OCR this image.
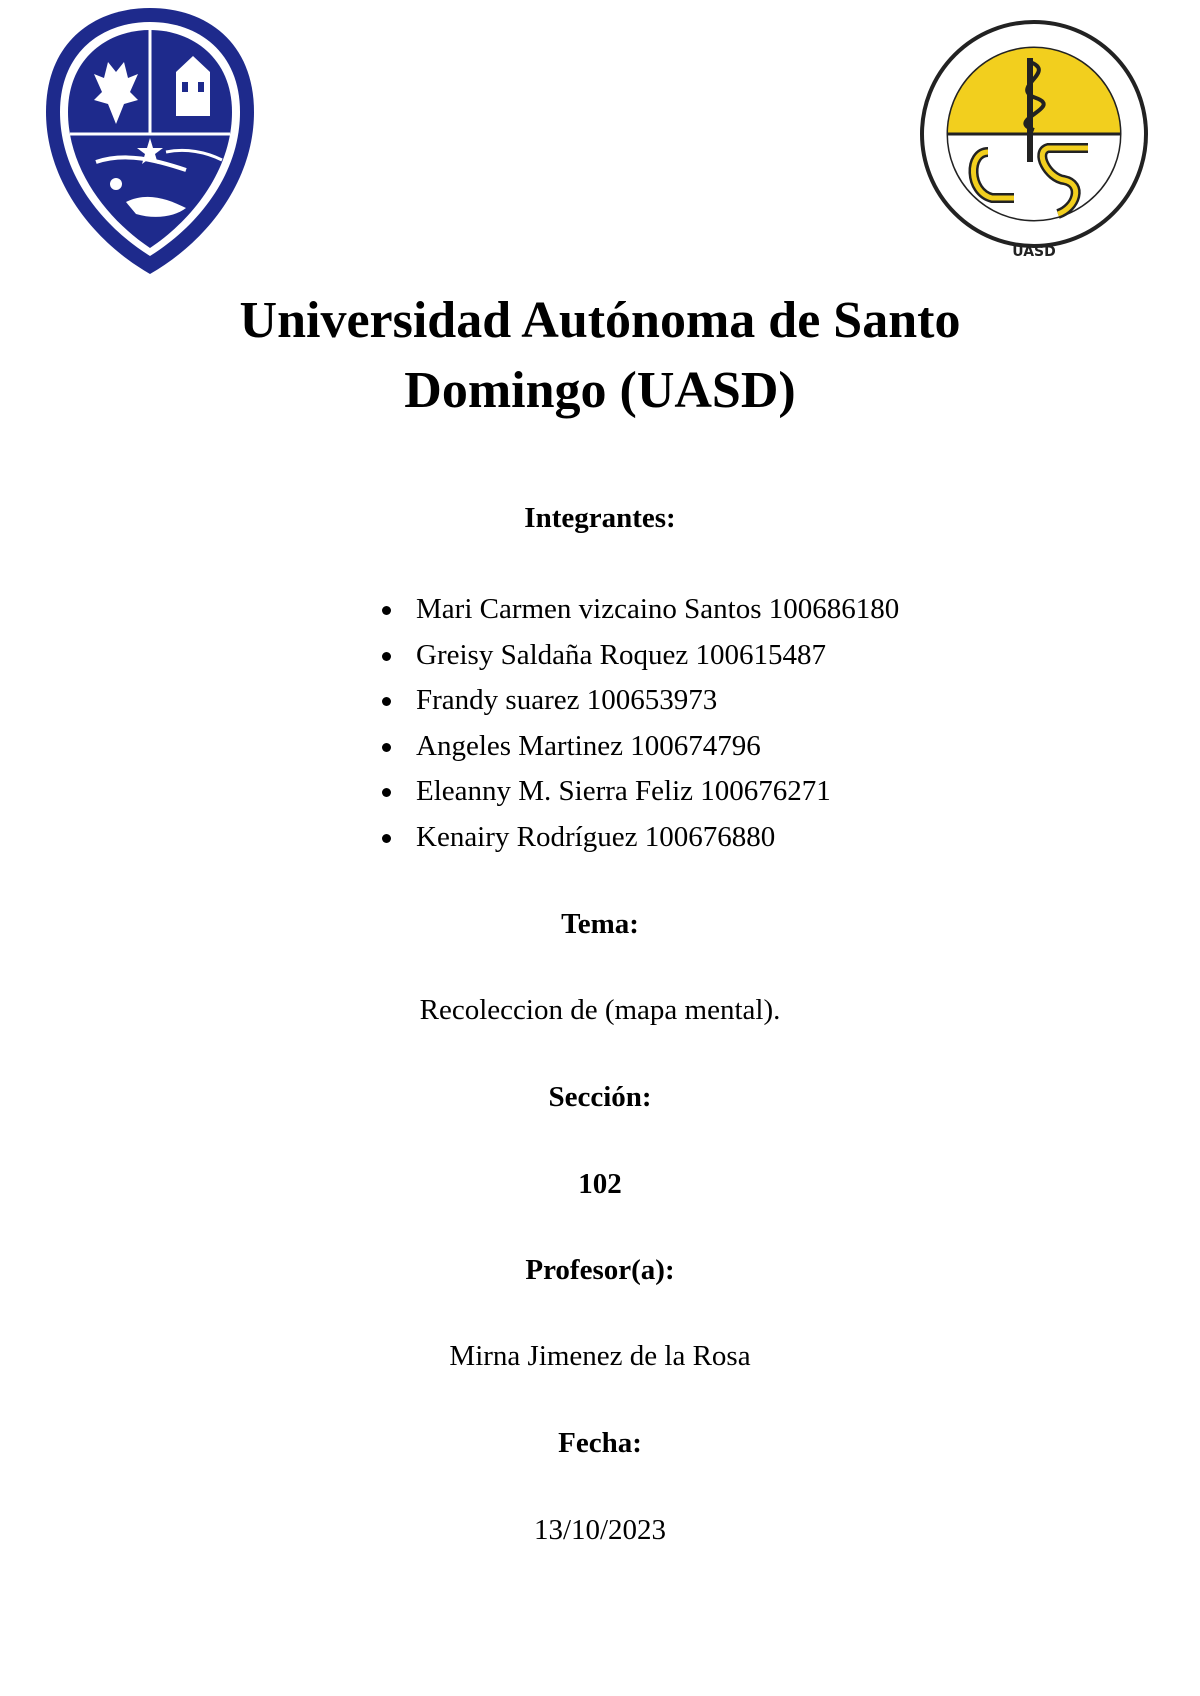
UASD
Universidad Autónoma de Santo
Domingo (UASD)

Integrantes:

Mari Carmen vizcaino Santos 100686180
Greisy Saldaña Roquez 100615487
Frandy suarez 100653973
Angeles Martinez 100674796
Eleanny M. Sierra Feliz 100676271
Kenairy Rodríguez 100676880

Tema:

Recoleccion de (mapa mental).

Sección:

102

Profesor(a):

Mirna Jimenez de la Rosa

Fecha:

13/10/2023
